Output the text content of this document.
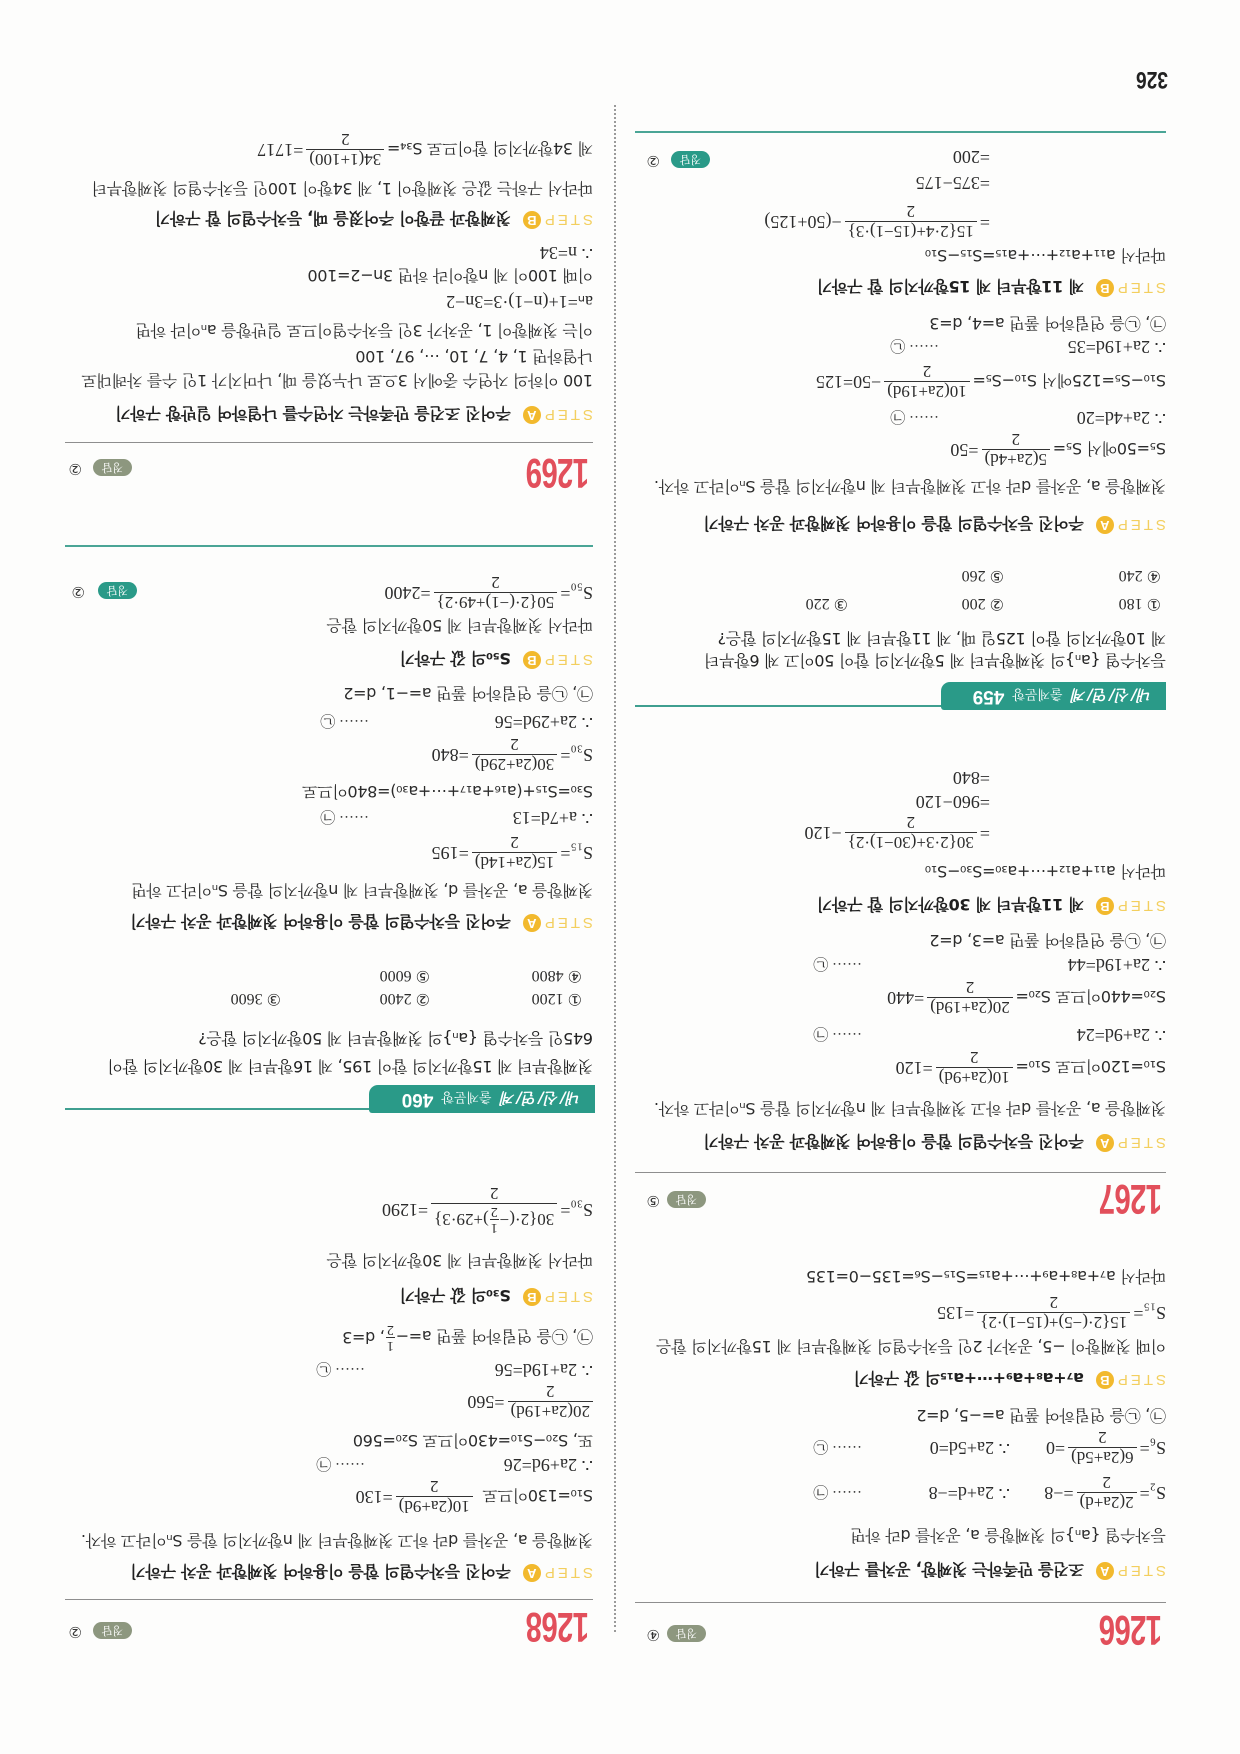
326
1266
정답
④
STEP
A
조건을 만족하는 첫째항, 공차를 구하기
등차수열 {aₙ}의 첫째항을 a, 공차를 d라 하면
S₂=
2(2a+d)
2
=−8
∴ 2a+d=−8
······ ㉠
S₆=
6(2a+5d)
2
=0
∴ 2a+5d=0
······ ㉡
㉠, ㉡을 연립하여 풀면 a=−5, d=2
STEP
B
a₇+a₈+a₉+⋯+a₁₅의 값 구하기
이때 첫째항이 −5, 공차가 2인 등차수열의 첫째항부터 제 15항까지의 합은
S₁₅=
15{2·(−5)+(15−1)·2}
2
=135
따라서 a₇+a₈+a₉+⋯+a₁₅=S₁₅−S₆=135−0=135
1267
정답
⑤
STEP
A
주어진 등차수열의 합을 이용하여 첫째항과 공차 구하기
첫째항을 a, 공차를 d라 하고 첫째항부터 제 n항까지의 합을 Sₙ이라고 하자.
S₁₀=120이므로 S₁₀=
10(2a+9d)
2
=120
∴ 2a+9d=24
······ ㉠
S₂₀=440이므로 S₂₀=
20(2a+19d)
2
=440
∴ 2a+19d=44
······ ㉡
㉠, ㉡을 연립하여 풀면 a=3, d=2
STEP
B
제 11항부터 제 30항까지의 합 구하기
따라서 a₁₁+a₁₂+⋯+a₃₀=S₃₀−S₁₀
=
30{2·3+(30−1)·2}
2
−120
=960−120
=840
내/신/연/계
출제문항
459
등차수열 {aₙ}의 첫째항부터 제 5항까지의 합이 50이고 제 6항부터
제 10항까지의 합이 125일 때, 제 11항부터 제 15항까지의 합은?
① 180
② 200
③ 220
④ 240
⑤ 260
STEP
A
주어진 등차수열의 합을 이용하여 첫째항과 공차 구하기
첫째항을 a, 공차를 d라 하고 첫째항부터 제 n항까지의 합을 Sₙ이라고 하자.
S₅=50에서 S₅=
5(2a+4d)
2
=50
∴ 2a+4d=20
······ ㉠
S₁₀−S₅=125에서 S₁₀−S₅=
10(2a+19d)
2
−50=125
∴ 2a+19d=35
······ ㉡
㉠, ㉡을 연립하여 풀면 a=4, d=3
STEP
B
제 11항부터 제 15항까지의 합 구하기
따라서 a₁₁+a₁₂+⋯+a₁₅=S₁₅−S₁₀
=
15{2·4+(15−1)·3}
2
−(50+125)
=375−175
=200
정답
②
1268
정답
②
STEP
A
주어진 등차수열의 합을 이용하여 첫째항과 공차 구하기
첫째항을 a, 공차를 d라 하고 첫째항부터 제 n항까지의 합을 Sₙ이라고 하자.
S₁₀=130이므로
10(2a+9d)
2
=130
∴ 2a+9d=26
······ ㉠
또, S₂₀−S₁₀=430이므로 S₂₀=560
20(2a+19d)
2
=560
∴ 2a+19d=56
······ ㉡
㉠, ㉡을 연립하여 풀면 a=−
1
2
, d=3
STEP
B
S₃₀의 값 구하기
따라서 첫째항부터 제 30항까지의 합은
S₃₀=
30{2·(−
1
2
)+29·3}
2
=1290
내/신/연/계
출제문항
460
첫째항부터 제 15항까지의 합이 195, 제 16항부터 제 30항까지의 합이
645인 등차수열 {aₙ}의 첫째항부터 제 50항까지의 합은?
① 1200
② 2400
③ 3600
④ 4800
⑤ 6000
STEP
A
주어진 등차수열의 합을 이용하여 첫째항과 공차 구하기
첫째항을 a, 공차를 d, 첫째항부터 제 n항까지의 합을 Sₙ이라고 하면
S₁₅=
15(2a+14d)
2
=195
∴ a+7d=13
······ ㉠
S₃₀=S₁₅+(a₁₆+a₁₇+⋯+a₃₀)=840이므로
S₃₀=
30(2a+29d)
2
=840
∴ 2a+29d=56
······ ㉡
㉠, ㉡을 연립하여 풀면 a=−1, d=2
STEP
B
S₅₀의 값 구하기
따라서 첫째항부터 제 50항까지의 합은
S₅₀=
50{2·(−1)+49·2}
2
=2400
정답
②
1269
정답
②
STEP
A
주어진 조건을 만족하는 자연수를 나열하여 일반항 구하기
100 이하의 자연수 중에서 3으로 나누었을 때, 나머지가 1인 수를 차례대로
나열하면 1, 4, 7, 10, ⋯, 97, 100
이는 첫째항이 1, 공차가 3인 등차수열이므로 일반항을 aₙ이라 하면
aₙ=1+(n−1)·3=3n−2
이때 100이 제 n항이라 하면 3n−2=100
∴ n=34
STEP
B
첫째항과 끝항이 주어졌을 때, 등차수열의 합 구하기
따라서 구하는 값은 첫째항이 1, 제 34항이 100인 등차수열의 첫째항부터
제 34항까지의 합이므로 S₃₄=
34(1+100)
2
=1717
